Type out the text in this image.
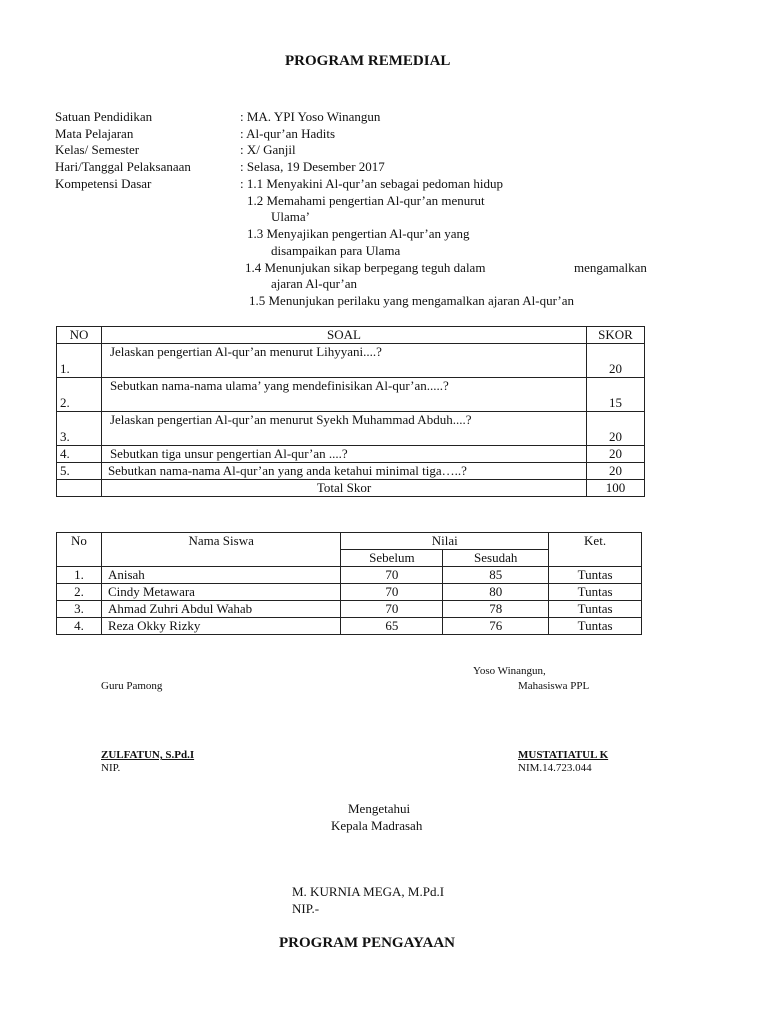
PROGRAM REMEDIAL
Satuan Pendidikan	: MA. YPI Yoso Winangun
Mata Pelajaran	: Al-qur’an Hadits
Kelas/ Semester	: X/ Ganjil
Hari/Tanggal Pelaksanaan	: Selasa, 19 Desember 2017
Kompetensi Dasar	: 1.1 Menyakini Al-qur’an sebagai pedoman hidup
1.2 Memahami pengertian Al-qur’an menurut
Ulama’
1.3 Menyajikan pengertian Al-qur’an yang
disampaikan para Ulama
1.4 Menunjukan sikap berpegang teguh dalam	mengamalkan
ajaran Al-qur’an
1.5 Menunjukan perilaku yang mengamalkan ajaran Al-qur’an
NO	SOAL	SKOR
1.	Jelaskan pengertian Al-qur’an menurut Lihyyani....?	20
2.	Sebutkan nama-nama ulama’ yang mendefinisikan Al-qur’an.....?	15
3.	Jelaskan pengertian Al-qur’an menurut Syekh Muhammad Abduh....?	20
4.	Sebutkan tiga unsur pengertian Al-qur’an ....?	20
5.	Sebutkan nama-nama Al-qur’an yang anda ketahui minimal tiga…..?	20
	Total Skor	100
No	Nama Siswa	Nilai		Ket.
		Sebelum	Sesudah	
1.	Anisah	70	85	Tuntas
2.	Cindy Metawara	70	80	Tuntas
3.	Ahmad Zuhri Abdul Wahab	70	78	Tuntas
4.	Reza Okky Rizky	65	76	Tuntas
Yoso Winangun,
Guru Pamong	Mahasiswa PPL
ZULFATUN, S.Pd.I
NIP.
MUSTATIATUL K
NIM.14.723.044
Mengetahui
Kepala Madrasah
M. KURNIA MEGA, M.Pd.I
NIP.-
PROGRAM PENGAYAAN
